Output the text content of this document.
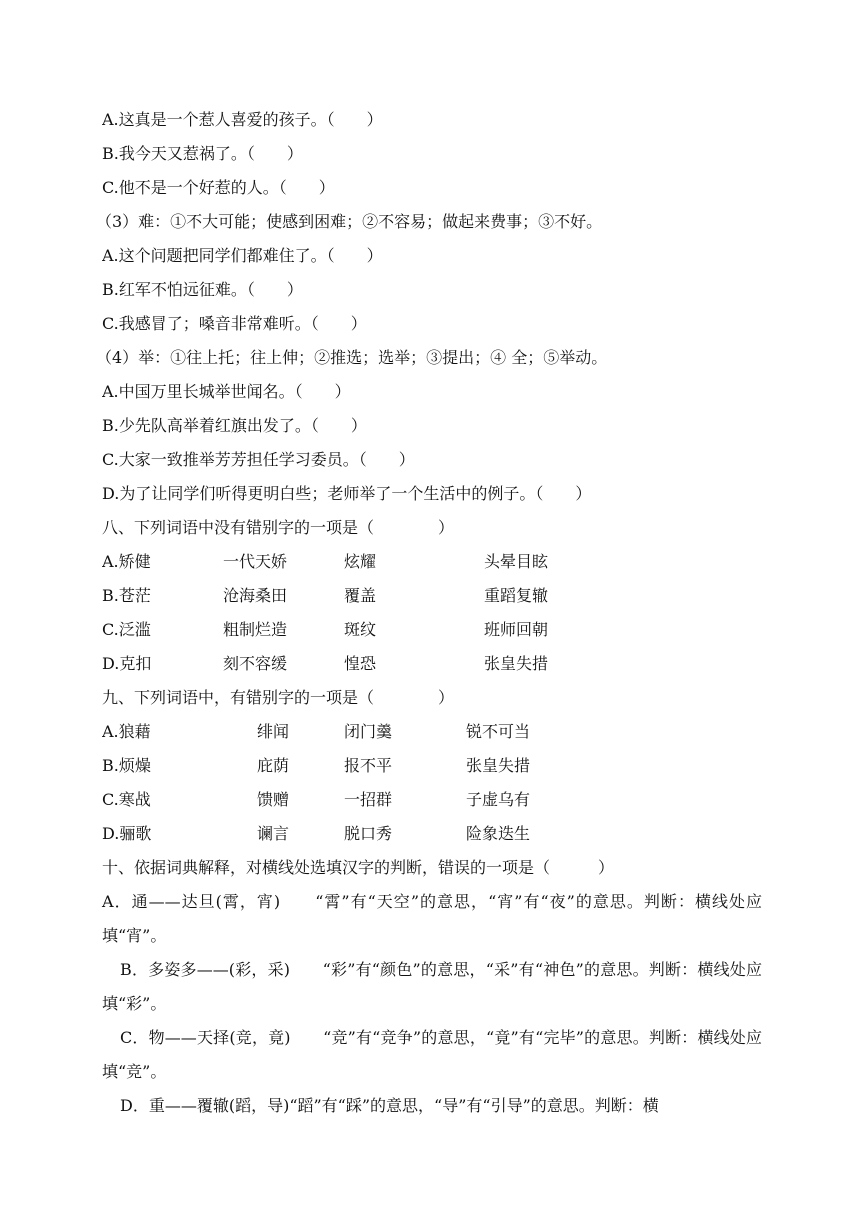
A.这真是一个惹人喜爱的孩子。（　　）
B.我今天又惹祸了。（　　）
C.他不是一个好惹的人。（　　）
（3）难：①不大可能；使感到困难；②不容易；做起来费事；③不好。
A.这个问题把同学们都难住了。（　　）
B.红军不怕远征难。（　　）
C.我感冒了；嗓音非常难听。（　　）
（4）举：①往上托；往上伸；②推选；选举；③提出；④ 全；⑤举动。
A.中国万里长城举世闻名。（　　）
B.少先队高举着红旗出发了。（　　）
C.大家一致推举芳芳担任学习委员。（　　）
D.为了让同学们听得更明白些；老师举了一个生活中的例子。（　　）
八、下列词语中没有错别字的一项是（　　　　）
A.矫健	一代天娇	炫耀	头晕目眩
B.苍茫	沧海桑田	覆盖	重蹈复辙
C.泛滥	粗制烂造	斑纹	班师回朝
D.克扣	刻不容缓	惶恐	张皇失措
九、下列词语中，有错别字的一项是（　　　　）
A.狼藉	绯闻	闭门羹	锐不可当
B.烦燥	庇荫	报不平	张皇失措
C.寒战	馈赠	一招群	子虚乌有
D.骊歌	谰言	脱口秀	险象迭生
十、依据词典解释，对横线处选填汉字的判断，错误的一项是（　　　）
A．通——达旦(霄，宵)　　“霄”有“天空”的意思，“宵”有“夜”的意思。判断：横线处应填“宵”。
B．多姿多——(彩，采)　　“彩”有“颜色”的意思，“采”有“神色”的意思。判断：横线处应填“彩”。
C．物——天择(竞，竟)　　“竞”有“竞争”的意思，“竟”有“完毕”的意思。判断：横线处应填“竞”。
D．重——覆辙(蹈，导)“蹈”有“踩”的意思，“导”有“引导”的意思。判断：横
